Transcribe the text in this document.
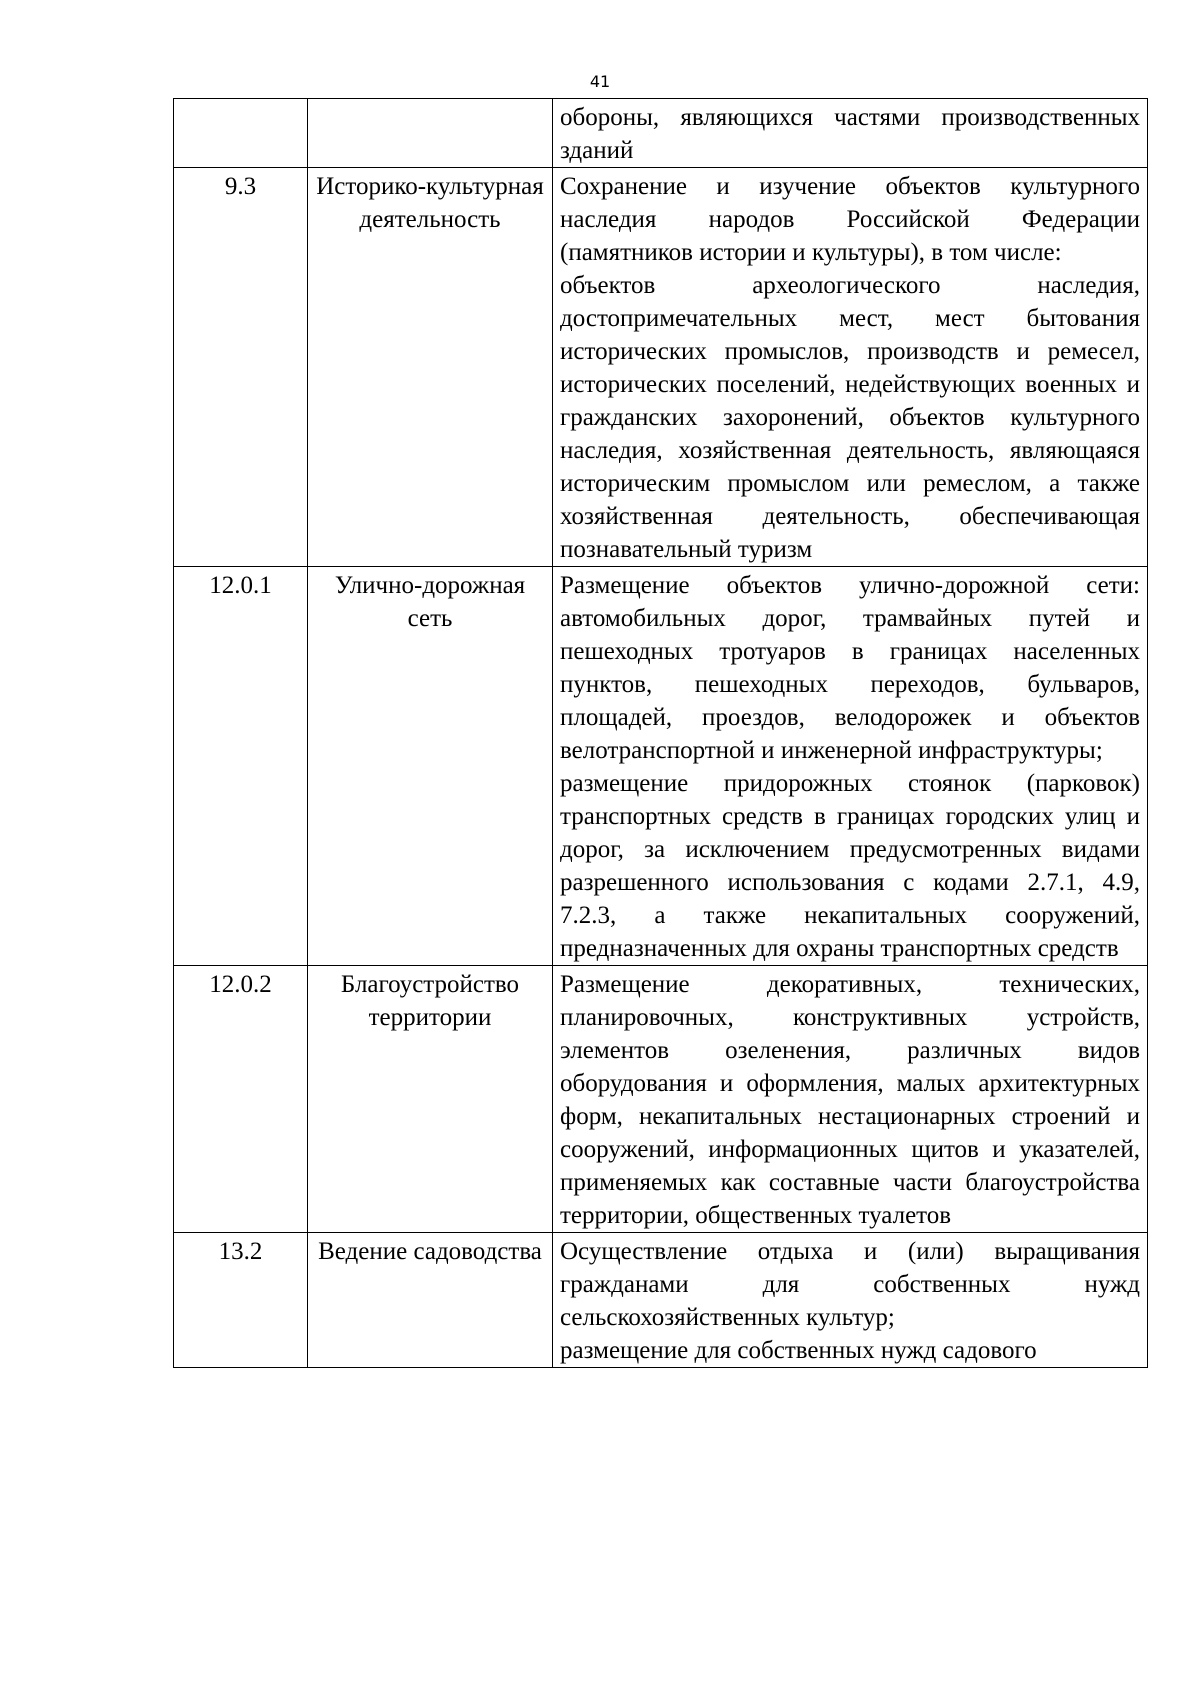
41

		обороны, являющихся частями производственных зданий

9.3	Историко-культурная деятельность	Сохранение и изучение объектов культурного наследия народов Российской Федерации (памятников истории и культуры), в том числе:

объектов археологического наследия, достопримечательных мест, мест бытования исторических промыслов, производств и ремесел, исторических поселений, недействующих военных и гражданских захоронений, объектов культурного наследия, хозяйственная деятельность, являющаяся историческим промыслом или ремеслом, а также хозяйственная деятельность, обеспечивающая познавательный туризм

12.0.1	Улично-дорожная сеть	Размещение объектов улично-дорожной сети: автомобильных дорог, трамвайных путей и пешеходных тротуаров в границах населенных пунктов, пешеходных переходов, бульваров, площадей, проездов, велодорожек и объектов велотранспортной и инженерной инфраструктуры;

размещение придорожных стоянок (парковок) транспортных средств в границах городских улиц и дорог, за исключением предусмотренных видами разрешенного использования с кодами 2.7.1, 4.9, 7.2.3, а также некапитальных сооружений, предназначенных для охраны транспортных средств

12.0.2	Благоустройство территории	Размещение декоративных, технических, планировочных, конструктивных устройств, элементов озеленения, различных видов оборудования и оформления, малых архитектурных форм, некапитальных нестационарных строений и сооружений, информационных щитов и указателей, применяемых как составные части благоустройства территории, общественных туалетов

13.2	Ведение садоводства	Осуществление отдыха и (или) выращивания гражданами для собственных нужд сельскохозяйственных культур;

размещение для собственных нужд садового
